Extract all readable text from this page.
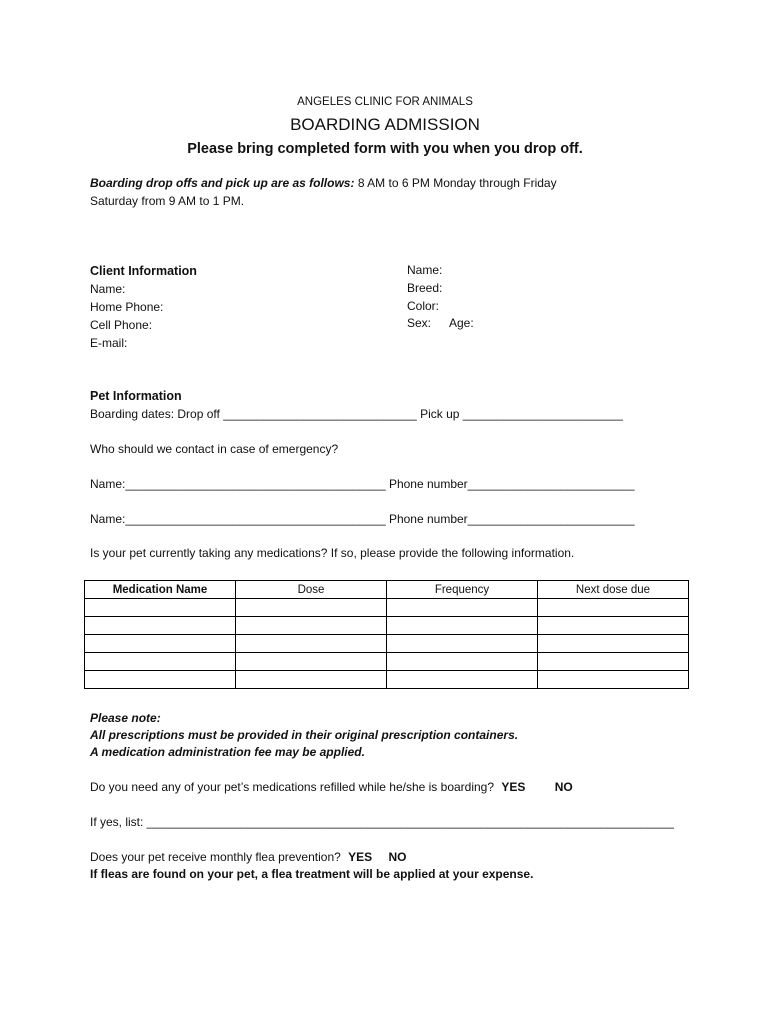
ANGELES CLINIC FOR ANIMALS
BOARDING ADMISSION
Please bring completed form with you when you drop off.
Boarding drop offs and pick up are as follows: 8 AM to 6 PM Monday through Friday
Saturday from 9 AM to 1 PM.
Client Information
Name:
Home Phone:
Cell Phone:
E-mail:
Name:
Breed:
Color:
Sex: Age:
Pet Information
Boarding dates: Drop off _____________________________ Pick up ________________________
Who should we contact in case of emergency?
Name:_______________________________________ Phone number_________________________
Name:_______________________________________ Phone number_________________________
Is your pet currently taking any medications? If so, please provide the following information.
Medication Name	Dose	Frequency	Next dose due

Please note:
All prescriptions must be provided in their original prescription containers.
A medication administration fee may be applied.
Do you need any of your pet’s medications refilled while he/she is boarding? YES NO
If yes, list: _______________________________________________________________________________
Does your pet receive monthly flea prevention? YES NO
If fleas are found on your pet, a flea treatment will be applied at your expense.
